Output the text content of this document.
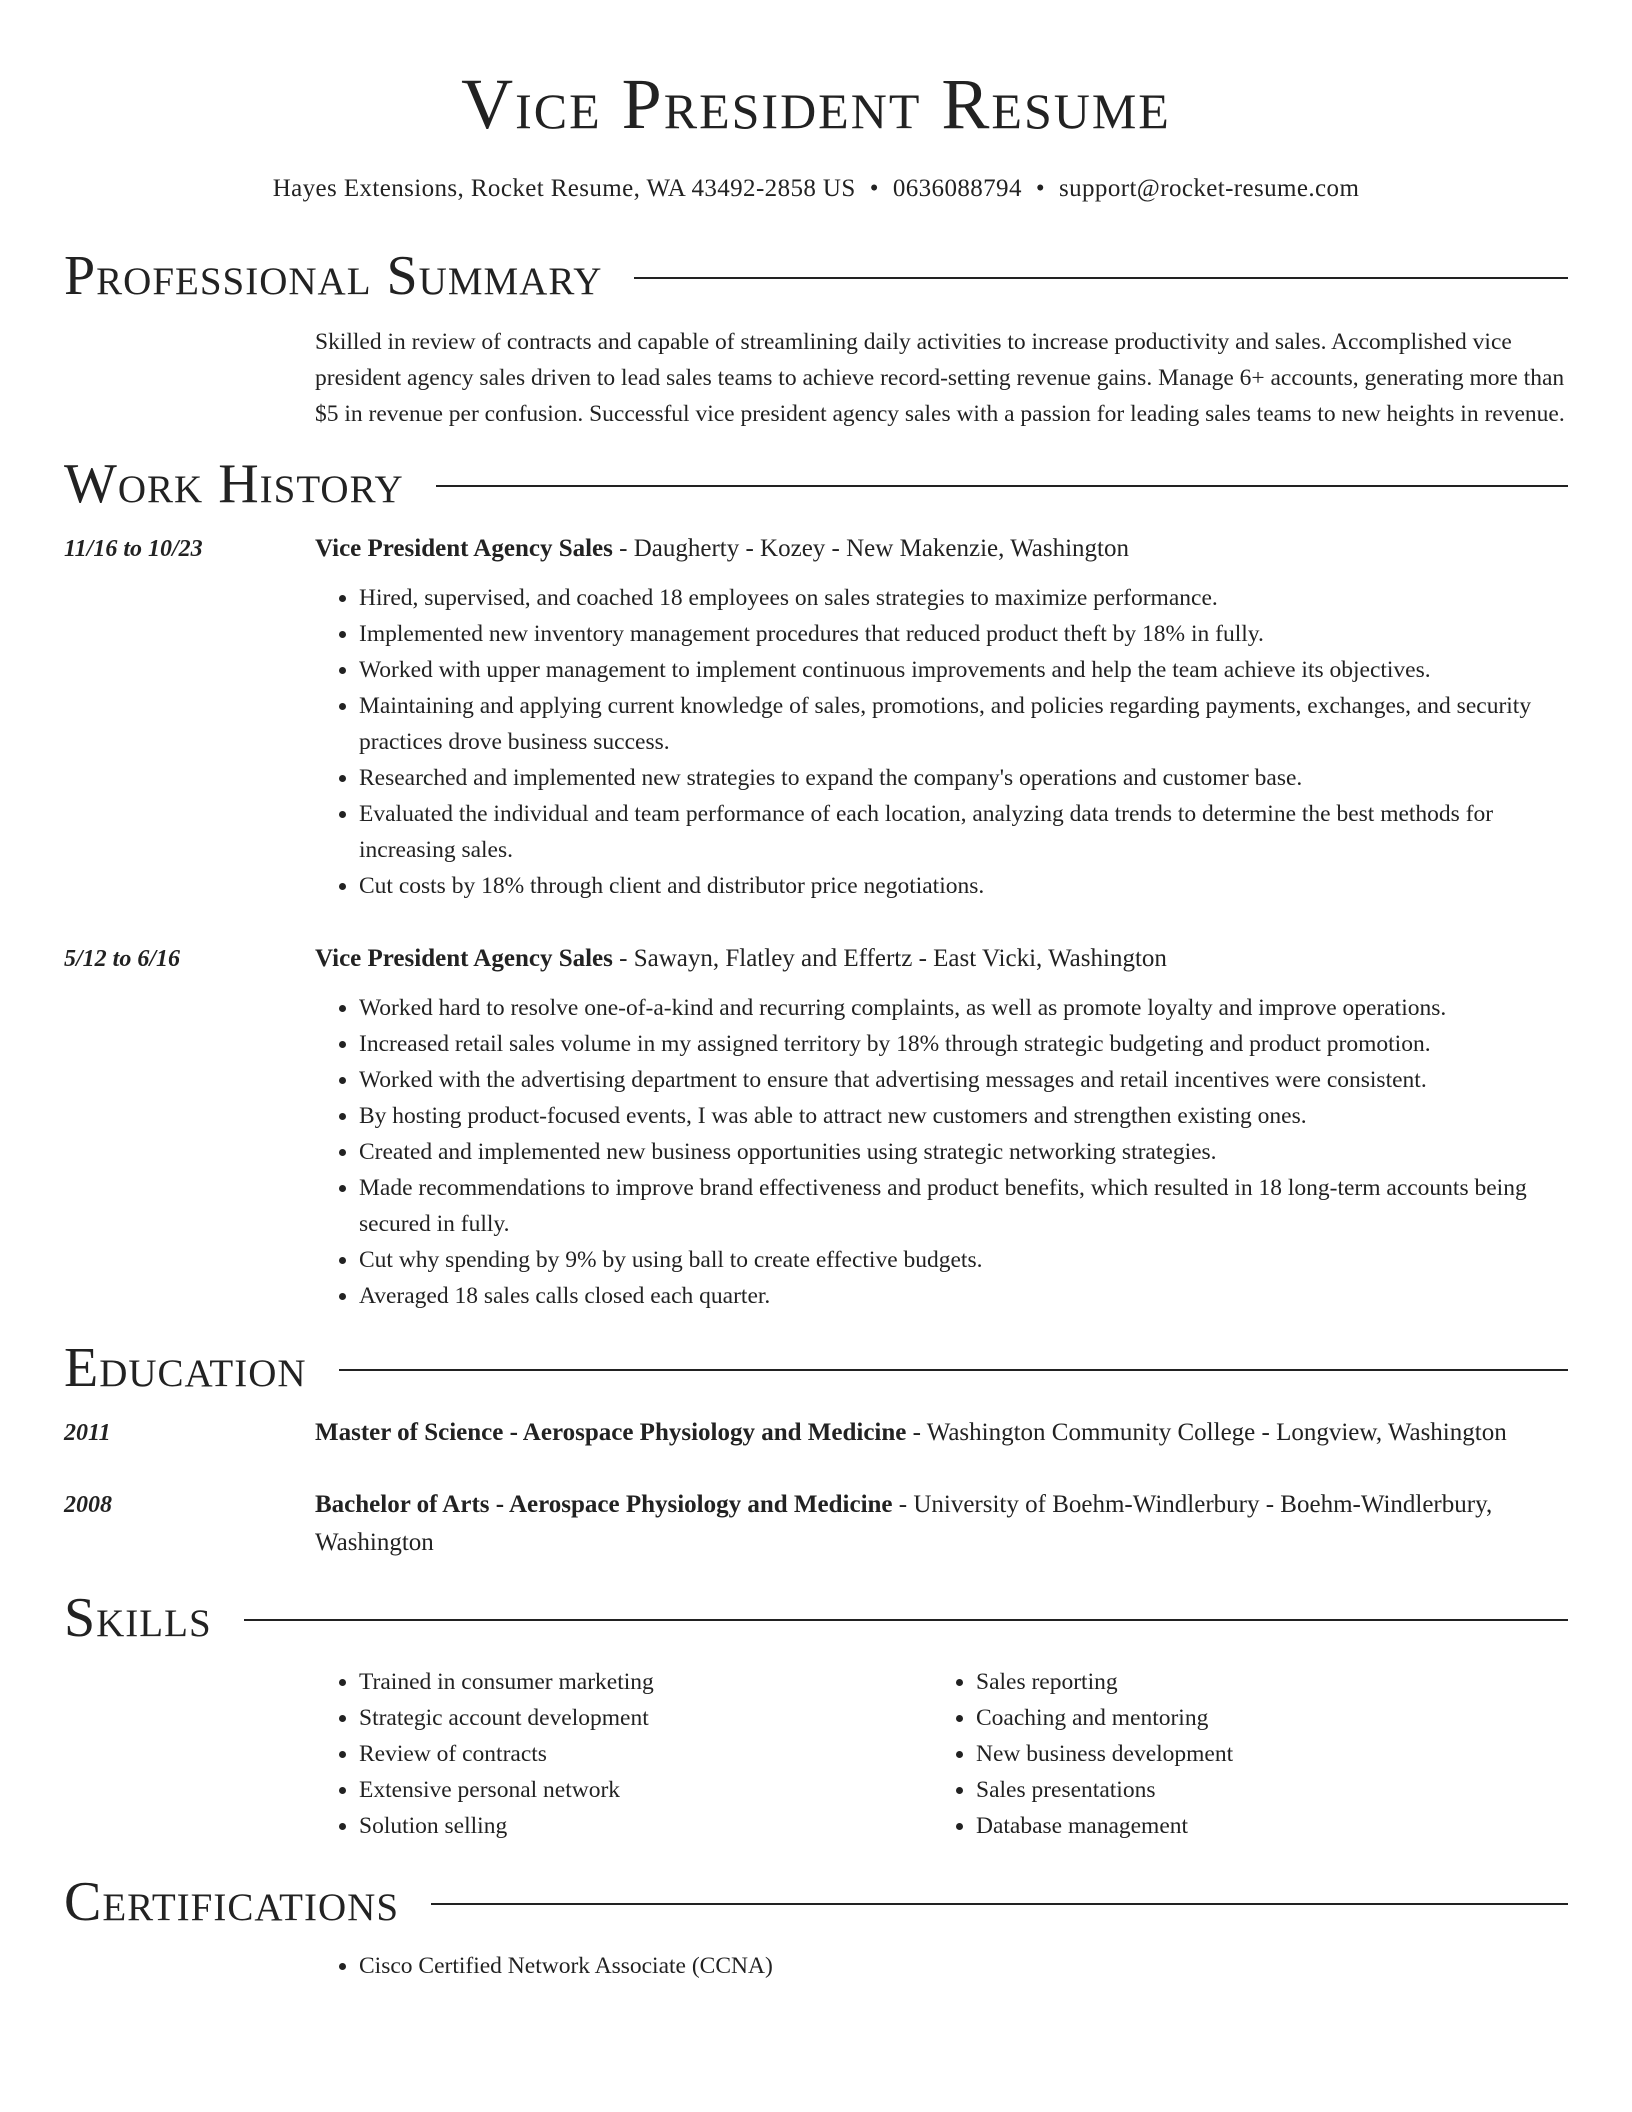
Vice President Resume
Hayes Extensions, Rocket Resume, WA 43492-2858 US • 0636088794 • support@rocket-resume.com
Professional Summary
Skilled in review of contracts and capable of streamlining daily activities to increase productivity and sales. Accomplished vice president agency sales driven to lead sales teams to achieve record-setting revenue gains. Manage 6+ accounts, generating more than $5 in revenue per confusion. Successful vice president agency sales with a passion for leading sales teams to new heights in revenue.
Work History
11/16 to 10/23	Vice President Agency Sales - Daugherty - Kozey - New Makenzie, Washington
• Hired, supervised, and coached 18 employees on sales strategies to maximize performance.
• Implemented new inventory management procedures that reduced product theft by 18% in fully.
• Worked with upper management to implement continuous improvements and help the team achieve its objectives.
• Maintaining and applying current knowledge of sales, promotions, and policies regarding payments, exchanges, and security practices drove business success.
• Researched and implemented new strategies to expand the company's operations and customer base.
• Evaluated the individual and team performance of each location, analyzing data trends to determine the best methods for increasing sales.
• Cut costs by 18% through client and distributor price negotiations.
5/12 to 6/16	Vice President Agency Sales - Sawayn, Flatley and Effertz - East Vicki, Washington
• Worked hard to resolve one-of-a-kind and recurring complaints, as well as promote loyalty and improve operations.
• Increased retail sales volume in my assigned territory by 18% through strategic budgeting and product promotion.
• Worked with the advertising department to ensure that advertising messages and retail incentives were consistent.
• By hosting product-focused events, I was able to attract new customers and strengthen existing ones.
• Created and implemented new business opportunities using strategic networking strategies.
• Made recommendations to improve brand effectiveness and product benefits, which resulted in 18 long-term accounts being secured in fully.
• Cut why spending by 9% by using ball to create effective budgets.
• Averaged 18 sales calls closed each quarter.
Education
2011	Master of Science - Aerospace Physiology and Medicine - Washington Community College - Longview, Washington
2008	Bachelor of Arts - Aerospace Physiology and Medicine - University of Boehm-Windlerbury - Boehm-Windlerbury, Washington
Skills
• Trained in consumer marketing
• Strategic account development
• Review of contracts
• Extensive personal network
• Solution selling
• Sales reporting
• Coaching and mentoring
• New business development
• Sales presentations
• Database management
Certifications
• Cisco Certified Network Associate (CCNA)
